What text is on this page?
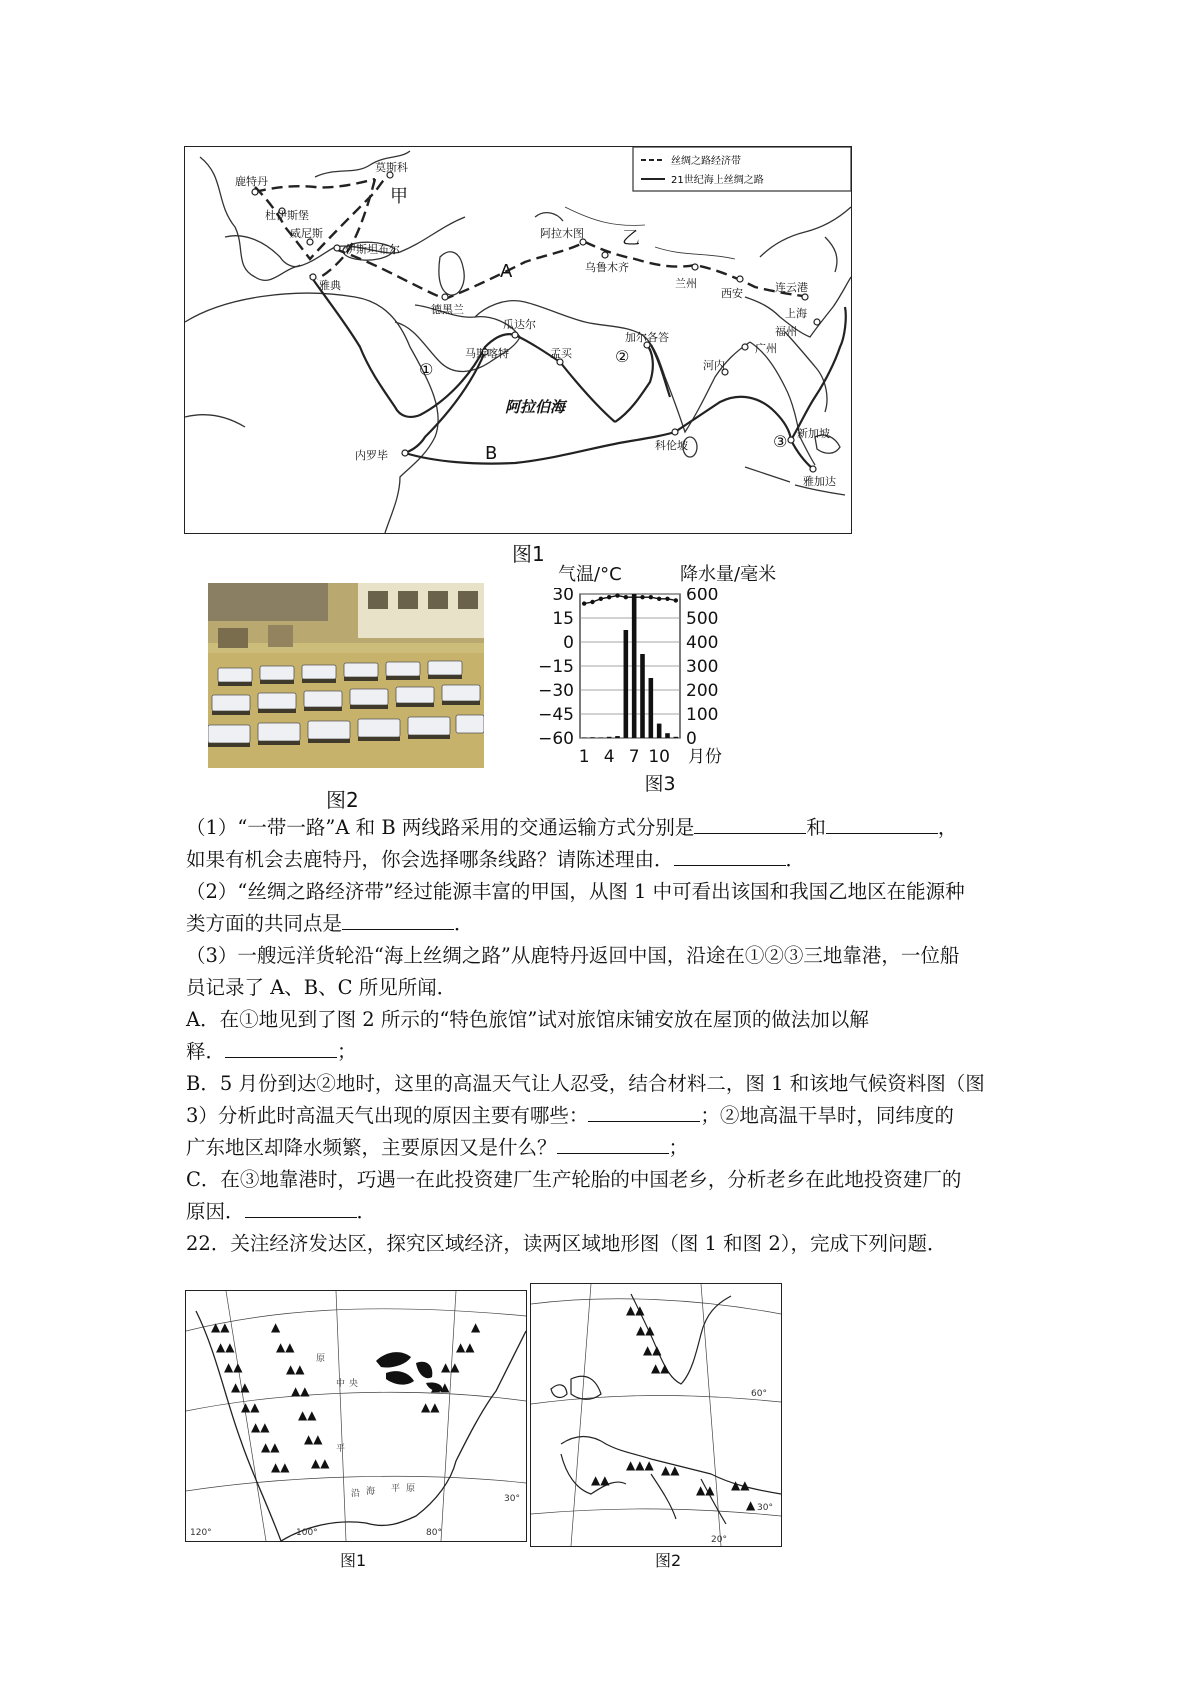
丝绸之路经济带
21世纪海上丝绸之路
鹿特丹
莫斯科
杜伊斯堡
威尼斯
伊斯坦布尔
雅典
德黑兰
阿拉木图
乌鲁木齐
兰州
西安	连云港
上海
福州
广州
河内
瓜达尔
马斯喀特	孟买
加尔各答
科伦坡
新加坡
雅加达
内罗毕
甲
乙
A
B
①
②
③
阿拉伯海
图1
图2
气温/°C	降水量/毫米
30	600
15	500
0	400
−15	300
−30	200
−45	100
−60	0
1 4 7 10 月份
图3
（1）“一带一路”A 和 B 两线路采用的交通运输方式分别是	和	，
如果有机会去鹿特丹，你会选择哪条线路？请陈述理由．	．
（2）“丝绸之路经济带”经过能源丰富的甲国，从图 1 中可看出该国和我国乙地区在能源种
类方面的共同点是	．
（3）一艘远洋货轮沿“海上丝绸之路”从鹿特丹返回中国，沿途在①②③三地靠港，一位船
员记录了 A、B、C 所见所闻．
A．在①地见到了图 2 所示的“特色旅馆”试对旅馆床铺安放在屋顶的做法加以解
释．	；
B．5 月份到达②地时，这里的高温天气让人忍受，结合材料二，图 1 和该地气候资料图（图
3）分析此时高温天气出现的原因主要有哪些：	；②地高温干旱时，同纬度的
广东地区却降水频繁，主要原因又是什么？	；
C．在③地靠港时，巧遇一在此投资建厂生产轮胎的中国老乡，分析老乡在此地投资建厂的
原因．	．
22．关注经济发达区，探究区域经济，读两区域地形图（图 1 和图 2），完成下列问题．
▲▲
▲▲
▲▲
▲▲
▲▲
▲▲
▲▲
▲▲
▲
▲▲
▲▲
▲▲
▲▲
▲▲
▲▲
▲
▲▲
▲▲
▲▲
▲▲
中 央
平
原
沿 海 平 原
120°	100°	80°
30°
图1
▲▲
▲▲
▲▲
▲▲
▲▲▲ ▲▲
▲▲
▲▲ ▲▲
▲
60°
30°
20°
图2
